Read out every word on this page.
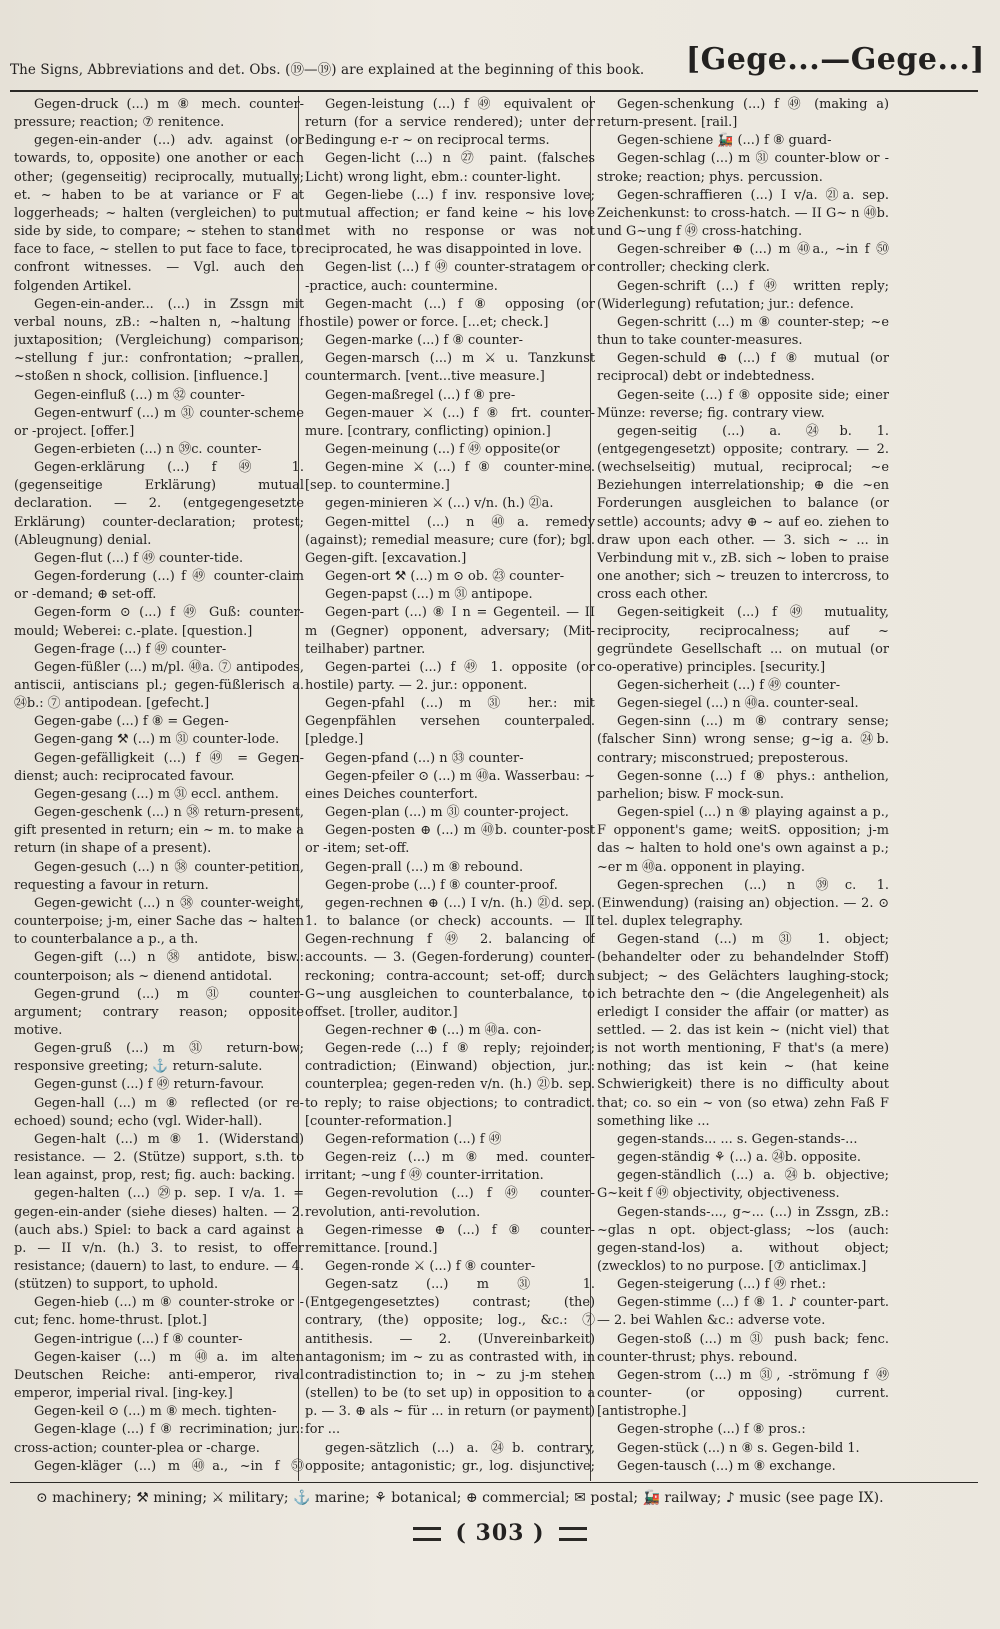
The Signs, Abbreviations and det. Obs. (⑲—⑲) are explained at the beginning of this book. [Gege...—Gege...]

Gegen-druck (...) m ⑧ mech. counter-pressure; reaction; ⑦ renitence.

gegen-ein-ander (...) adv. against (or towards, to, opposite) one another or each other; (gegenseitig) reciprocally, mutually; et. ~ haben to be at variance or F at loggerheads; ~ halten (vergleichen) to put side by side, to compare; ~ stehen to stand face to face, ~ stellen to put face to face, to confront witnesses. — Vgl. auch den folgenden Artikel.

Gegen-ein-ander... (...) in Zssgn mit verbal nouns, zB.: ~halten n, ~haltung f juxtaposition; (Vergleichung) comparison; ~stellung f jur.: confrontation; ~prallen, ~stoßen n shock, collision. [influence.]

Gegen-einfluß (...) m ㉜ counter-

Gegen-entwurf (...) m ㉛ counter-scheme or -project. [offer.]

Gegen-erbieten (...) n ㊴c. counter-

Gegen-erklärung (...) f ㊾ 1. (gegenseitige Erklärung) mutual declaration. — 2. (entgegengesetzte Erklärung) counter-declaration; protest; (Ableugnung) denial.

Gegen-flut (...) f ㊾ counter-tide.

Gegen-forderung (...) f ㊾ counter-claim or -demand; ⊕ set-off.

Gegen-form ⊙ (...) f ㊾ Guß: counter-mould; Weberei: c.-plate. [question.]

Gegen-frage (...) f ㊾ counter-

Gegen-füßler (...) m/pl. ㊵a. ⑦ antipodes, antiscii, antiscians pl.; gegen-füßlerisch a. ㉔b.: ⑦ antipodean. [gefecht.]

Gegen-gabe (...) f ⑧ = Gegen-

Gegen-gang ⚒ (...) m ㉛ counter-lode.

Gegen-gefälligkeit (...) f ㊾ = Gegen-dienst; auch: reciprocated favour.

Gegen-gesang (...) m ㉛ eccl. anthem.

Gegen-geschenk (...) n ㊳ return-present, gift presented in return; ein ~ m. to make a return (in shape of a present).

Gegen-gesuch (...) n ㊳ counter-petition, requesting a favour in return.

Gegen-gewicht (...) n ㊳ counter-weight, counterpoise; j-m, einer Sache das ~ halten to counterbalance a p., a th.

Gegen-gift (...) n ㊳ antidote, bisw.: counterpoison; als ~ dienend antidotal.

Gegen-grund (...) m ㉛ counter-argument; contrary reason; opposite motive.

Gegen-gruß (...) m ㉛ return-bow; responsive greeting; ⚓ return-salute.

Gegen-gunst (...) f ㊾ return-favour.

Gegen-hall (...) m ⑧ reflected (or re-echoed) sound; echo (vgl. Wider-hall).

Gegen-halt (...) m ⑧ 1. (Widerstand) resistance. — 2. (Stütze) support, s.th. to lean against, prop, rest; fig. auch: backing.

gegen-halten (...) ㉙p. sep. I v/a. 1. = gegen-ein-ander (siehe dieses) halten. — 2. (auch abs.) Spiel: to back a card against a p. — II v/n. (h.) 3. to resist, to offer resistance; (dauern) to last, to endure. — 4. (stützen) to support, to uphold.

Gegen-hieb (...) m ⑧ counter-stroke or -cut; fenc. home-thrust. [plot.]

Gegen-intrigue (...) f ⑧ counter-

Gegen-kaiser (...) m ㊵a. im alten Deutschen Reiche: anti-emperor, rival emperor, imperial rival. [ing-key.]

Gegen-keil ⊙ (...) m ⑧ mech. tighten-

Gegen-klage (...) f ⑧ recrimination; jur.: cross-action; counter-plea or -charge.

Gegen-kläger (...) m ㊵a., ~in f ㊿

Gegen-leistung (...) f ㊾ equivalent or return (for a service rendered); unter der Bedingung e-r ~ on reciprocal terms.

Gegen-licht (...) n ㉗ paint. (falsches Licht) wrong light, ebm.: counter-light.

Gegen-liebe (...) f inv. responsive love; mutual affection; er fand keine ~ his love met with no response or was not reciprocated, he was disappointed in love.

Gegen-list (...) f ㊾ counter-stratagem or -practice, auch: countermine.

Gegen-macht (...) f ⑧ opposing (or hostile) power or force. [...et; check.]

Gegen-marke (...) f ⑧ counter-

Gegen-marsch (...) m ⚔ u. Tanzkunst countermarch. [vent...tive measure.]

Gegen-maßregel (...) f ⑧ pre-

Gegen-mauer ⚔ (...) f ⑧ frt. counter-mure. [contrary, conflicting) opinion.]

Gegen-meinung (...) f ㊾ opposite(or

Gegen-mine ⚔ (...) f ⑧ counter-mine. [sep. to countermine.]

gegen-minieren ⚔ (...) v/n. (h.) ㉑a.

Gegen-mittel (...) n ㊵a. remedy (against); remedial measure; cure (for); bgl. Gegen-gift. [excavation.]

Gegen-ort ⚒ (...) m ⊙ ob. ㉓ counter-

Gegen-papst (...) m ㉛ antipope.

Gegen-part (...) ⑧ I n = Gegenteil. — II m (Gegner) opponent, adversary; (Mit-teilhaber) partner.

Gegen-partei (...) f ㊾ 1. opposite (or hostile) party. — 2. jur.: opponent.

Gegen-pfahl (...) m ㉛ her.: mit Gegenpfählen versehen counterpaled. [pledge.]

Gegen-pfand (...) n ㉝ counter-

Gegen-pfeiler ⊙ (...) m ㊵a. Wasserbau: ~ eines Deiches counterfort.

Gegen-plan (...) m ㉛ counter-project.

Gegen-posten ⊕ (...) m ㊵b. counter-post or -item; set-off.

Gegen-prall (...) m ⑧ rebound.

Gegen-probe (...) f ⑧ counter-proof.

gegen-rechnen ⊕ (...) I v/n. (h.) ㉑d. sep. 1. to balance (or check) accounts. — II Gegen-rechnung f ㊾ 2. balancing of accounts. — 3. (Gegen-forderung) counter-reckoning; contra-account; set-off; durch G~ung ausgleichen to counterbalance, to offset. [troller, auditor.]

Gegen-rechner ⊕ (...) m ㊵a. con-

Gegen-rede (...) f ⑧ reply; rejoinder; contradiction; (Einwand) objection, jur.: counterplea; gegen-reden v/n. (h.) ㉑b. sep. to reply; to raise objections; to contradict. [counter-reformation.]

Gegen-reformation (...) f ㊾

Gegen-reiz (...) m ⑧ med. counter-irritant; ~ung f ㊾ counter-irritation.

Gegen-revolution (...) f ㊾ counter-revolution, anti-revolution.

Gegen-rimesse ⊕ (...) f ⑧ counter-remittance. [round.]

Gegen-ronde ⚔ (...) f ⑧ counter-

Gegen-satz (...) m ㉛ 1. (Entgegengesetztes) contrast; (the) contrary, (the) opposite; log., &c.: ⑦ antithesis. — 2. (Unvereinbarkeit) antagonism; im ~ zu as contrasted with, in contradistinction to; in ~ zu j-m stehen (stellen) to be (to set up) in opposition to a p. — 3. ⊕ als ~ für ... in return (or payment) for ...

gegen-sätzlich (...) a. ㉔b. contrary, opposite; antagonistic; gr., log. disjunctive;

Gegen-schenkung (...) f ㊾ (making a) return-present. [rail.]

Gegen-schiene 🚂 (...) f ⑧ guard-

Gegen-schlag (...) m ㉛ counter-blow or -stroke; reaction; phys. percussion.

Gegen-schraffieren (...) I v/a. ㉑a. sep. Zeichenkunst: to cross-hatch. — II G~ n ㊵b. und G~ung f ㊾ cross-hatching.

Gegen-schreiber ⊕ (...) m ㊵a., ~in f ㊿ controller; checking clerk.

Gegen-schrift (...) f ㊾ written reply; (Widerlegung) refutation; jur.: defence.

Gegen-schritt (...) m ⑧ counter-step; ~e thun to take counter-measures.

Gegen-schuld ⊕ (...) f ⑧ mutual (or reciprocal) debt or indebtedness.

Gegen-seite (...) f ⑧ opposite side; einer Münze: reverse; fig. contrary view.

gegen-seitig (...) a. ㉔b. 1. (entgegengesetzt) opposite; contrary. — 2. (wechselseitig) mutual, reciprocal; ~e Beziehungen interrelationship; ⊕ die ~en Forderungen ausgleichen to balance (or settle) accounts; advy ⊕ ~ auf eo. ziehen to draw upon each other. — 3. sich ~ ... in Verbindung mit v., zB. sich ~ loben to praise one another; sich ~ treuzen to intercross, to cross each other.

Gegen-seitigkeit (...) f ㊾ mutuality, reciprocity, reciprocalness; auf ~ gegründete Gesellschaft ... on mutual (or co-operative) principles. [security.]

Gegen-sicherheit (...) f ㊾ counter-

Gegen-siegel (...) n ㊵a. counter-seal.

Gegen-sinn (...) m ⑧ contrary sense; (falscher Sinn) wrong sense; g~ig a. ㉔b. contrary; misconstrued; preposterous.

Gegen-sonne (...) f ⑧ phys.: anthelion, parhelion; bisw. F mock-sun.

Gegen-spiel (...) n ⑧ playing against a p., F opponent's game; weitS. opposition; j-m das ~ halten to hold one's own against a p.; ~er m ㊵a. opponent in playing.

Gegen-sprechen (...) n ㊴c. 1. (Einwendung) (raising an) objection. — 2. ⊙ tel. duplex telegraphy.

Gegen-stand (...) m ㉛ 1. object; (behandelter oder zu behandelnder Stoff) subject; ~ des Gelächters laughing-stock; ich betrachte den ~ (die Angelegenheit) als erledigt I consider the affair (or matter) as settled. — 2. das ist kein ~ (nicht viel) that is not worth mentioning, F that's (a mere) nothing; das ist kein ~ (hat keine Schwierigkeit) there is no difficulty about that; co. so ein ~ von (so etwa) zehn Faß F something like ...

gegen-stands... ... s. Gegen-stands-...

gegen-ständig ⚘ (...) a. ㉔b. opposite.

gegen-ständlich (...) a. ㉔b. objective; G~keit f ㊾ objectivity, objectiveness.

Gegen-stands-..., g~... (...) in Zssgn, zB.: ~glas n opt. object-glass; ~los (auch: gegen-stand-los) a. without object; (zwecklos) to no purpose. [⑦ anticlimax.]

Gegen-steigerung (...) f ㊾ rhet.:

Gegen-stimme (...) f ⑧ 1. ♪ counter-part. — 2. bei Wahlen &c.: adverse vote.

Gegen-stoß (...) m ㉛ push back; fenc. counter-thrust; phys. rebound.

Gegen-strom (...) m ㉛, -strömung f ㊾ counter- (or opposing) current. [antistrophe.]

Gegen-strophe (...) f ⑧ pros.:

Gegen-stück (...) n ⑧ s. Gegen-bild 1.

Gegen-tausch (...) m ⑧ exchange.

⊙ machinery; ⚒ mining; ⚔ military; ⚓ marine; ⚘ botanical; ⊕ commercial; ✉ postal; 🚂 railway; ♪ music (see page IX).
( 303 )
